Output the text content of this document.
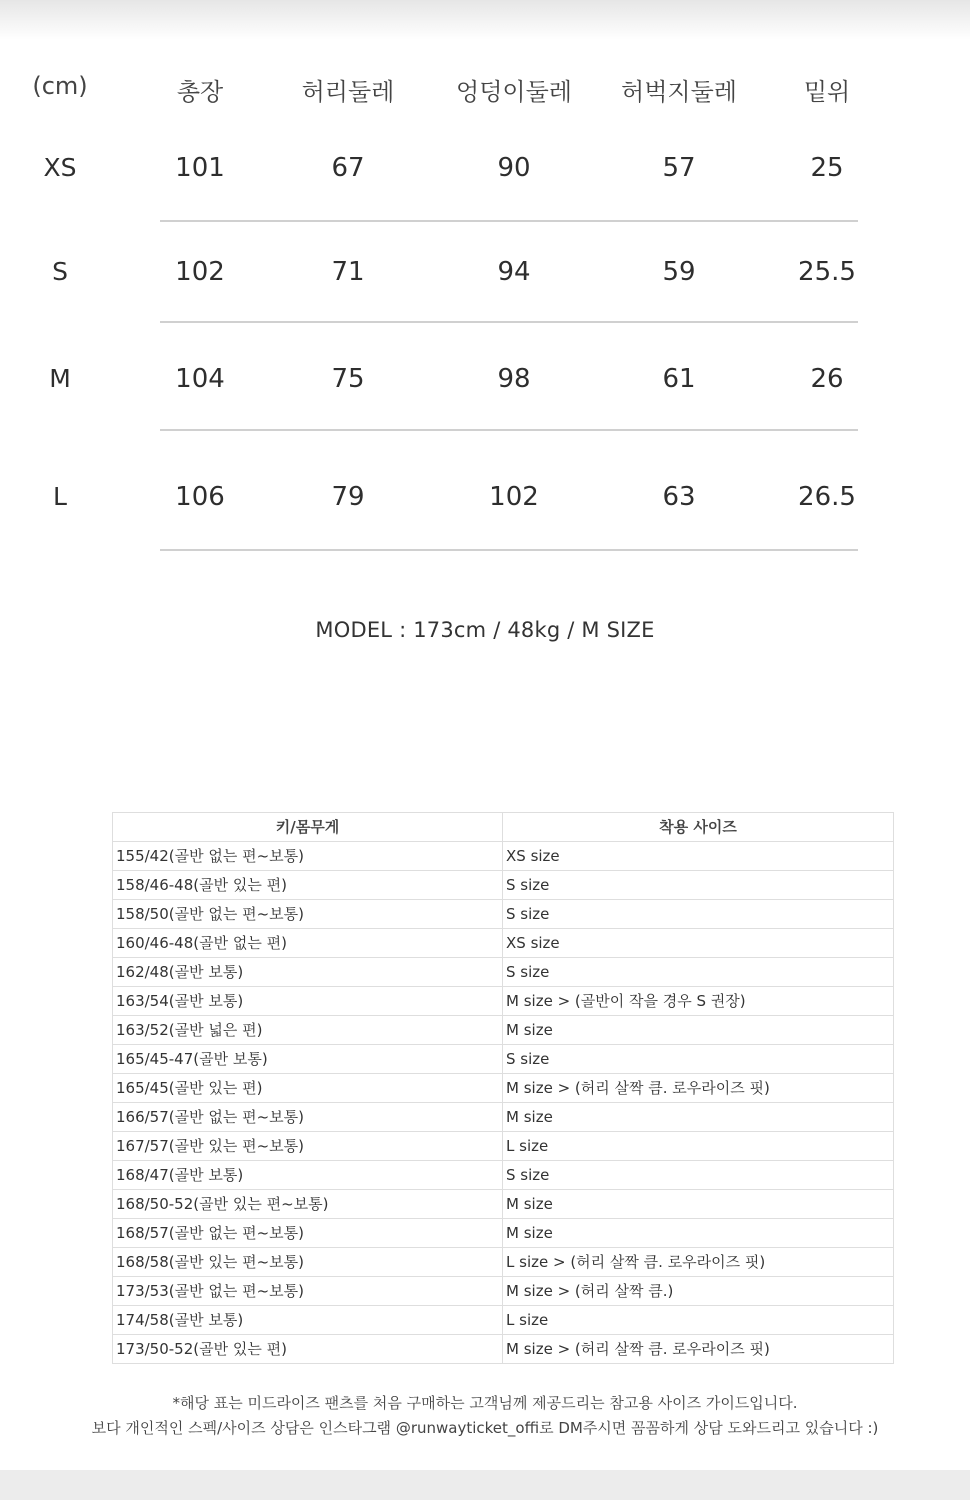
(cm)	총장	허리둘레	엉덩이둘레	허벅지둘레	밑위
XS	101	67	90	57	25
S	102	71	94	59	25.5
M	104	75	98	61	26
L	106	79	102	63	26.5
MODEL : 173cm / 48kg / M SIZE
키/몸무게	착용 사이즈
155/42(골반 없는 편~보통)	XS size
158/46-48(골반 있는 편)	S size
158/50(골반 없는 편~보통)	S size
160/46-48(골반 없는 편)	XS size
162/48(골반 보통)	S size
163/54(골반 보통)	M size > (골반이 작을 경우 S 권장)
163/52(골반 넓은 편)	M size
165/45-47(골반 보통)	S size
165/45(골반 있는 편)	M size > (허리 살짝 큼. 로우라이즈 핏)
166/57(골반 없는 편~보통)	M size
167/57(골반 있는 편~보통)	L size
168/47(골반 보통)	S size
168/50-52(골반 있는 편~보통)	M size
168/57(골반 없는 편~보통)	M size
168/58(골반 있는 편~보통)	L size > (허리 살짝 큼. 로우라이즈 핏)
173/53(골반 없는 편~보통)	M size > (허리 살짝 큼.)
174/58(골반 보통)	L size
173/50-52(골반 있는 편)	M size > (허리 살짝 큼. 로우라이즈 핏)
*해당 표는 미드라이즈 팬츠를 처음 구매하는 고객님께 제공드리는 참고용 사이즈 가이드입니다.
보다 개인적인 스펙/사이즈 상담은 인스타그램 @runwayticket_offi로 DM주시면 꼼꼼하게 상담 도와드리고 있습니다 :)
